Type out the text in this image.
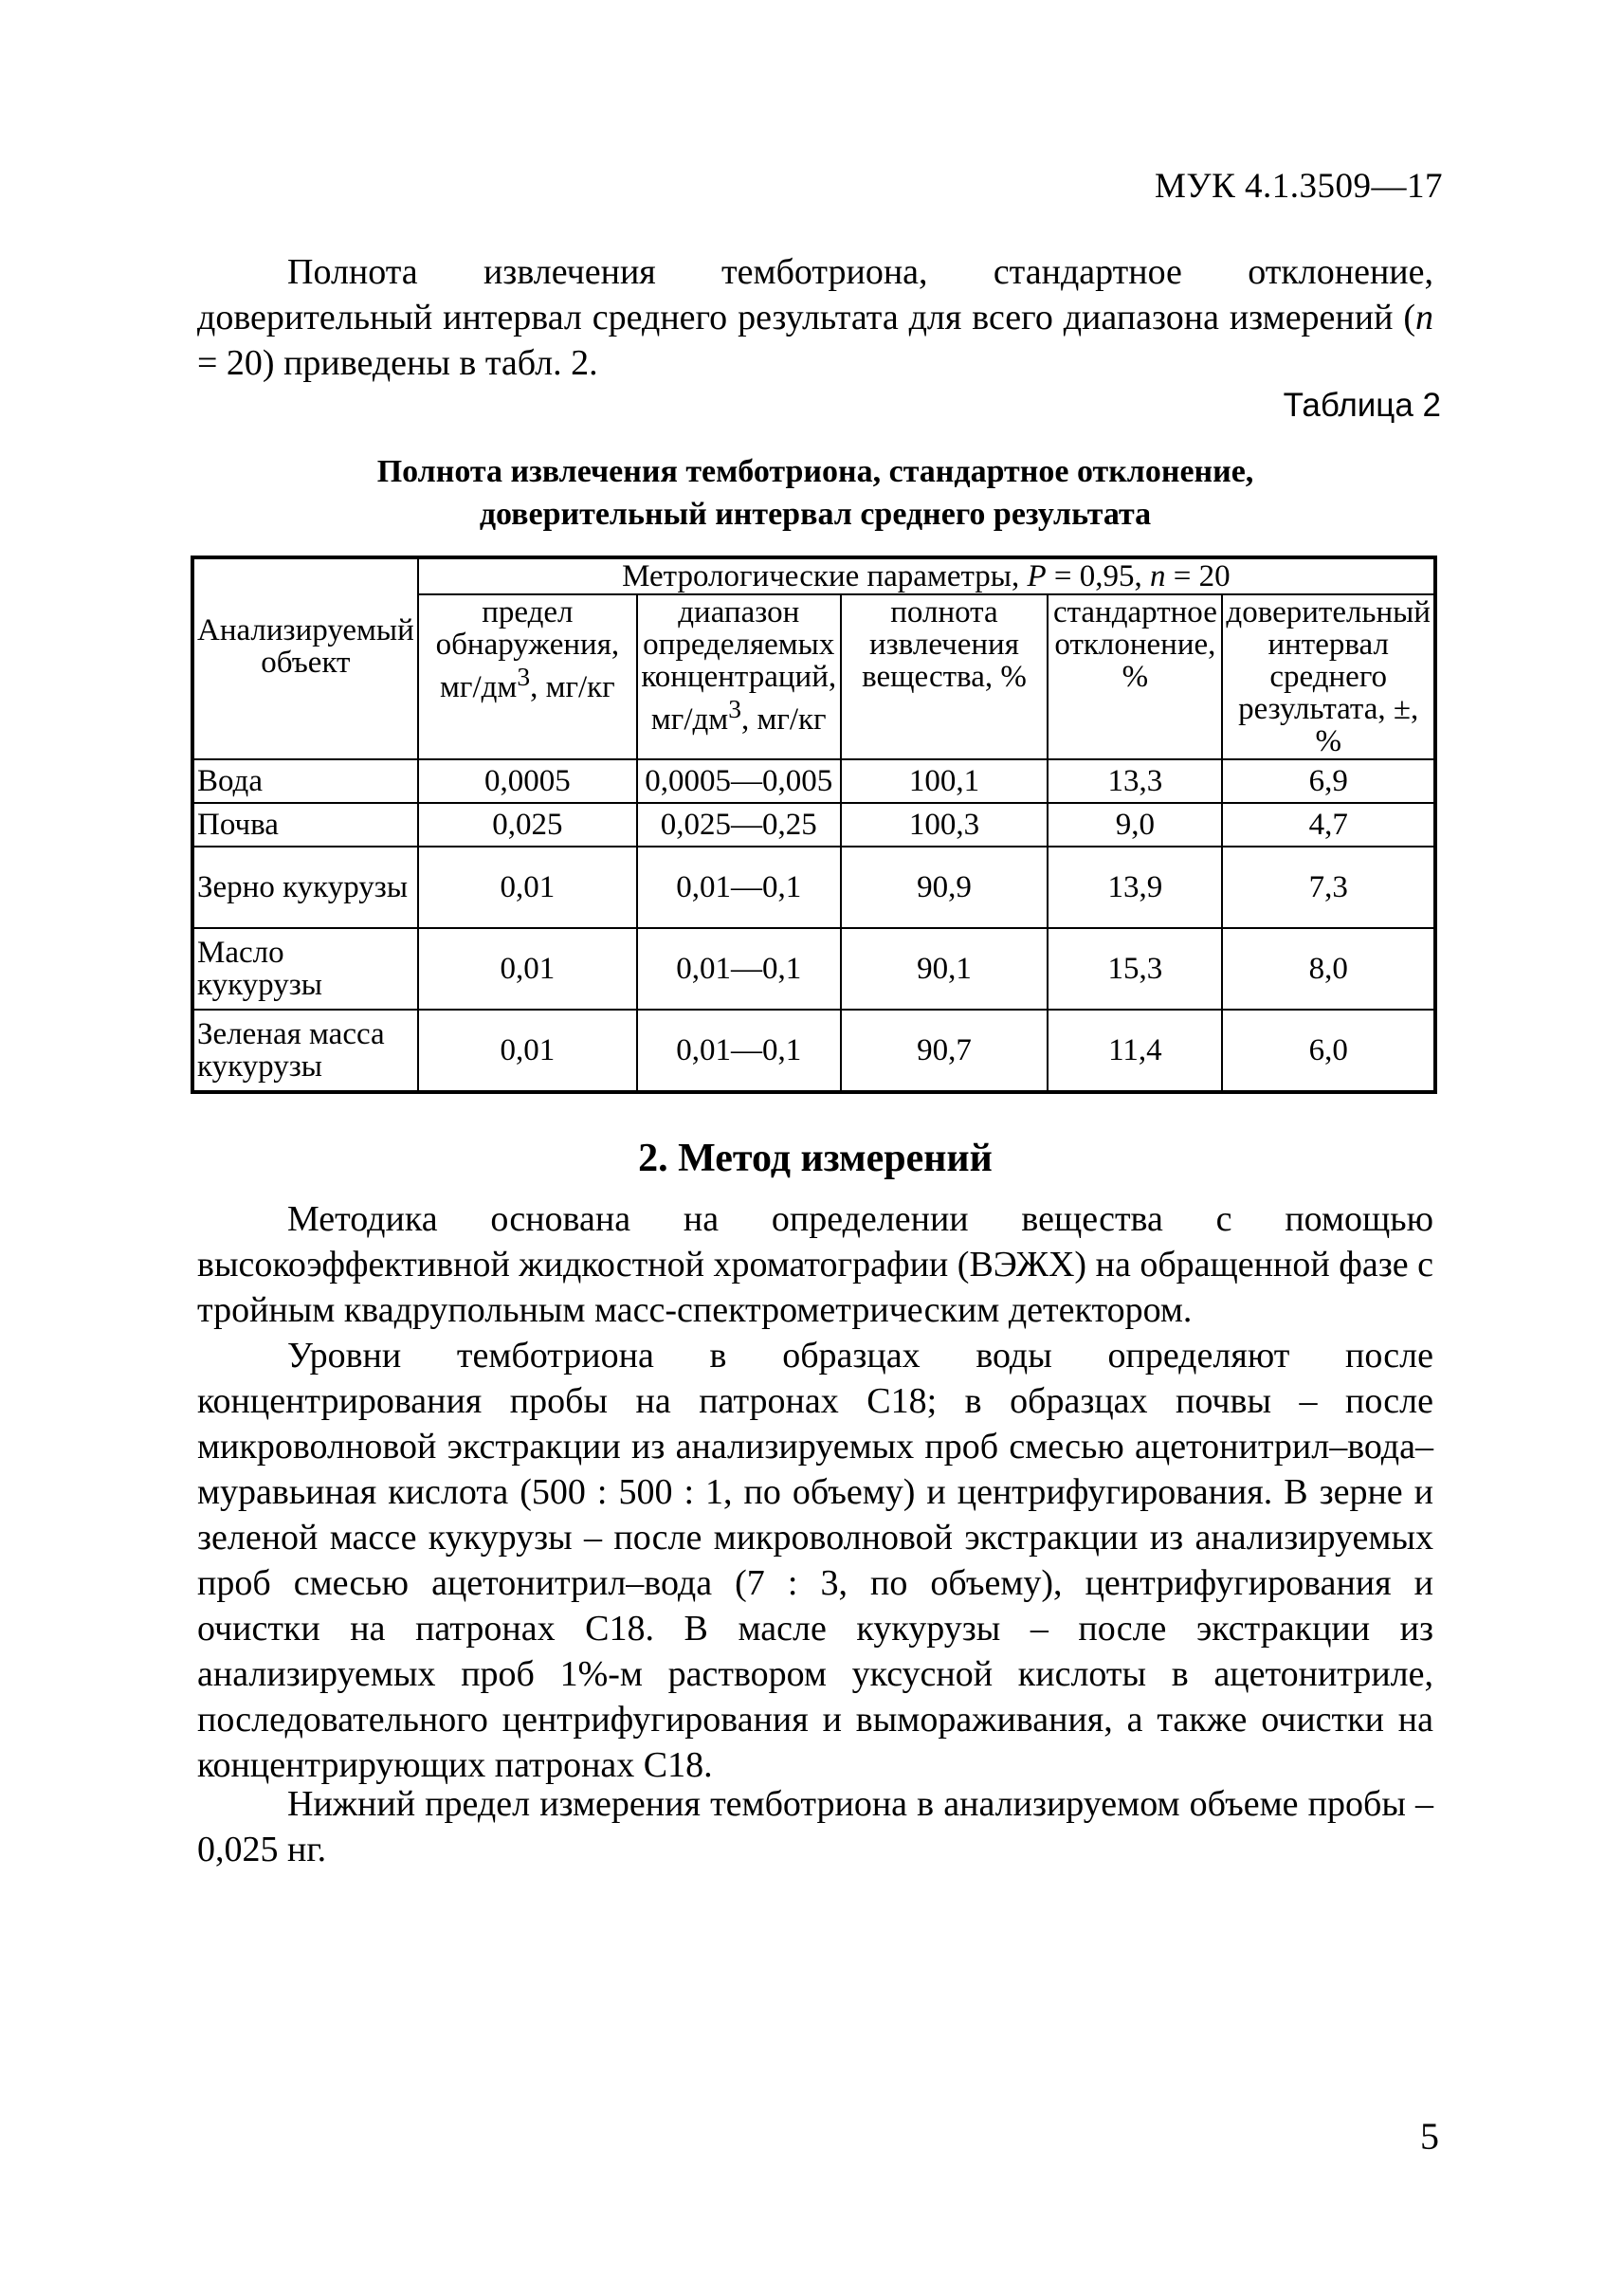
МУК 4.1.3509—17

Полнота извлечения темботриона, стандартное отклонение, доверительный интервал среднего результата для всего диапазона измерений (n = 20) приведены в табл. 2.

Таблица 2
Полнота извлечения темботриона, стандартное отклонение,
доверительный интервал среднего результата
Анализируемый объект	Метрологические параметры, P = 0,95, n = 20				
	предел обнаружения, $мг/дм^3$, мг/кг	диапазон определяемых концентраций, $мг/дм^3$, мг/кг	полнота извлечения вещества, %	стандартное отклонение, %	доверительный интервал среднего результата, ±, %
Вода	0,0005	0,0005—0,005	100,1	13,3	6,9
Почва	0,025	0,025—0,25	100,3	9,0	4,7
Зерно кукурузы	0,01	0,01—0,1	90,9	13,9	7,3
Масло кукурузы	0,01	0,01—0,1	90,1	15,3	8,0
Зеленая масса кукурузы	0,01	0,01—0,1	90,7	11,4	6,0
2. Метод измерений

Методика основана на определении вещества с помощью высокоэффективной жидкостной хроматографии (ВЭЖХ) на обращенной фазе с тройным квадрупольным масс-спектрометрическим детектором.

Уровни темботриона в образцах воды определяют после концентрирования пробы на патронах С18; в образцах почвы – после микроволновой экстракции из анализируемых проб смесью ацетонитрил–вода–муравьиная кислота (500 : 500 : 1, по объему) и центрифугирования. В зерне и зеленой массе кукурузы – после микроволновой экстракции из анализируемых проб смесью ацетонитрил–вода (7 : 3, по объему), центрифугирования и очистки на патронах С18. В масле кукурузы – после экстракции из анализируемых проб 1%-м раствором уксусной кислоты в ацетонитриле, последовательного центрифугирования и вымораживания, а также очистки на концентрирующих патронах С18.

Нижний предел измерения темботриона в анализируемом объеме пробы – 0,025 нг.

5
